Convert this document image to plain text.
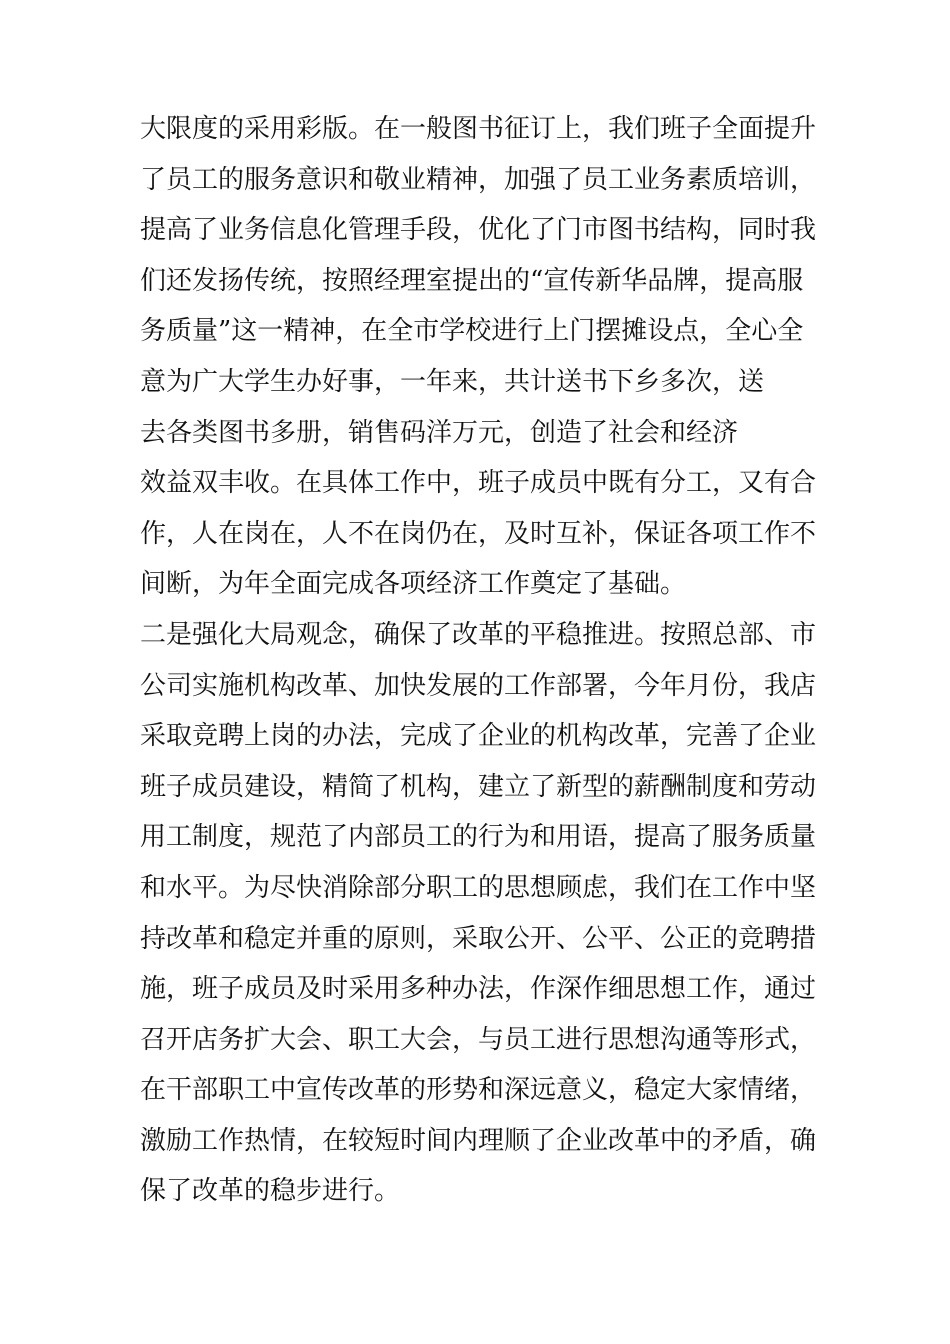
大限度的采用彩版。在一般图书征订上，我们班子全面提升

了员工的服务意识和敬业精神，加强了员工业务素质培训，

提高了业务信息化管理手段，优化了门市图书结构，同时我

们还发扬传统，按照经理室提出的“宣传新华品牌，提高服

务质量”这一精神，在全市学校进行上门摆摊设点，全心全

意为广大学生办好事，一年来，共计送书下乡多次，送

去各类图书多册，销售码洋万元，创造了社会和经济

效益双丰收。在具体工作中，班子成员中既有分工，又有合

作，人在岗在，人不在岗仍在，及时互补，保证各项工作不

间断，为年全面完成各项经济工作奠定了基础。

二是强化大局观念，确保了改革的平稳推进。按照总部、市

公司实施机构改革、加快发展的工作部署，今年月份，我店

采取竞聘上岗的办法，完成了企业的机构改革，完善了企业

班子成员建设，精简了机构，建立了新型的薪酬制度和劳动

用工制度，规范了内部员工的行为和用语，提高了服务质量

和水平。为尽快消除部分职工的思想顾虑，我们在工作中坚

持改革和稳定并重的原则，采取公开、公平、公正的竞聘措

施，班子成员及时采用多种办法，作深作细思想工作，通过

召开店务扩大会、职工大会，与员工进行思想沟通等形式，

在干部职工中宣传改革的形势和深远意义，稳定大家情绪，

激励工作热情，在较短时间内理顺了企业改革中的矛盾，确

保了改革的稳步进行。
